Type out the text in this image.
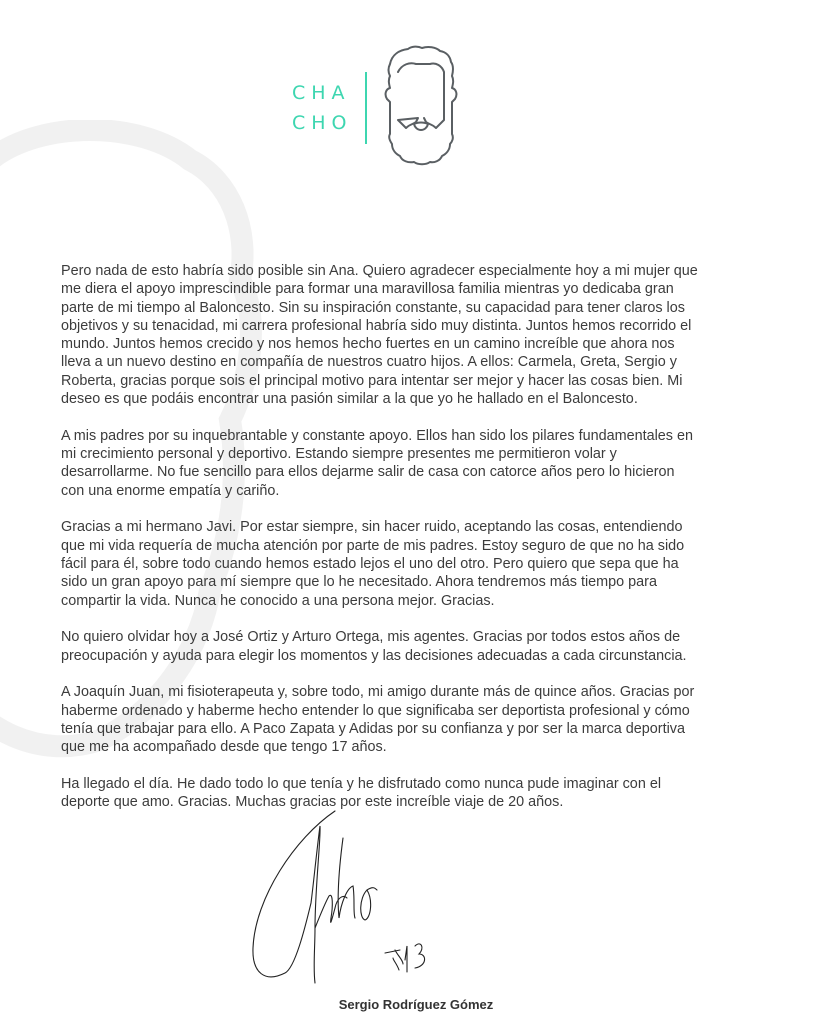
CHA
CHO

Pero nada de esto habría sido posible sin Ana. Quiero agradecer especialmente hoy a mi mujer que
me diera el apoyo imprescindible para formar una maravillosa familia mientras yo dedicaba gran
parte de mi tiempo al Baloncesto. Sin su inspiración constante, su capacidad para tener claros los
objetivos y su tenacidad, mi carrera profesional habría sido muy distinta. Juntos hemos recorrido el
mundo. Juntos hemos crecido y nos hemos hecho fuertes en un camino increíble que ahora nos
lleva a un nuevo destino en compañía de nuestros cuatro hijos. A ellos: Carmela, Greta, Sergio y
Roberta, gracias porque sois el principal motivo para intentar ser mejor y hacer las cosas bien. Mi
deseo es que podáis encontrar una pasión similar a la que yo he hallado en el Baloncesto.

A mis padres por su inquebrantable y constante apoyo. Ellos han sido los pilares fundamentales en
mi crecimiento personal y deportivo. Estando siempre presentes me permitieron volar y
desarrollarme. No fue sencillo para ellos dejarme salir de casa con catorce años pero lo hicieron
con una enorme empatía y cariño.

Gracias a mi hermano Javi. Por estar siempre, sin hacer ruido, aceptando las cosas, entendiendo
que mi vida requería de mucha atención por parte de mis padres. Estoy seguro de que no ha sido
fácil para él, sobre todo cuando hemos estado lejos el uno del otro. Pero quiero que sepa que ha
sido un gran apoyo para mí siempre que lo he necesitado. Ahora tendremos más tiempo para
compartir la vida. Nunca he conocido a una persona mejor. Gracias.

No quiero olvidar hoy a José Ortiz y Arturo Ortega, mis agentes. Gracias por todos estos años de
preocupación y ayuda para elegir los momentos y las decisiones adecuadas a cada circunstancia.

A Joaquín Juan, mi fisioterapeuta y, sobre todo, mi amigo durante más de quince años. Gracias por
haberme ordenado y haberme hecho entender lo que significaba ser deportista profesional y cómo
tenía que trabajar para ello. A Paco Zapata y Adidas por su confianza y por ser la marca deportiva
que me ha acompañado desde que tengo 17 años.

Ha llegado el día. He dado todo lo que tenía y he disfrutado como nunca pude imaginar con el
deporte que amo. Gracias. Muchas gracias por este increíble viaje de 20 años.

Sergio Rodríguez Gómez
